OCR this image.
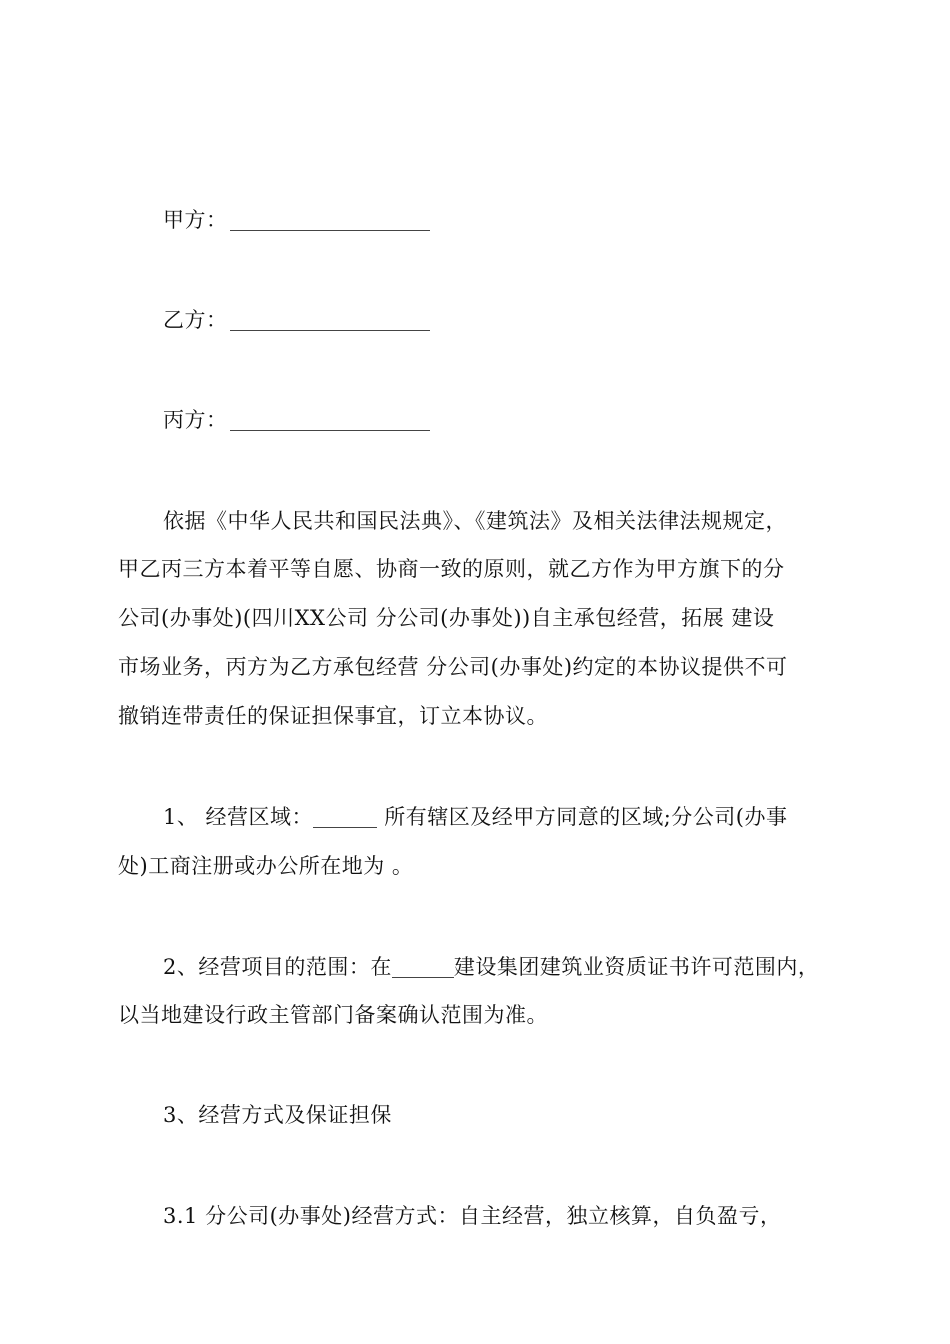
甲方：
乙方：
丙方：
依据《中华人民共和国民法典》、《建筑法》及相关法律法规规定，
甲乙丙三方本着平等自愿、协商一致的原则，就乙方作为甲方旗下的分
公司(办事处)(四川XX公司 分公司(办事处))自主承包经营，拓展 建设
市场业务，丙方为乙方承包经营 分公司(办事处)约定的本协议提供不可
撤销连带责任的保证担保事宜，订立本协议。
1、 经营区域：	所有辖区及经甲方同意的区域;分公司(办事
处)工商注册或办公所在地为 。
2、经营项目的范围：在	建设集团建筑业资质证书许可范围内，
以当地建设行政主管部门备案确认范围为准。
3、经营方式及保证担保
3.1 分公司(办事处)经营方式：自主经营，独立核算，自负盈亏，
